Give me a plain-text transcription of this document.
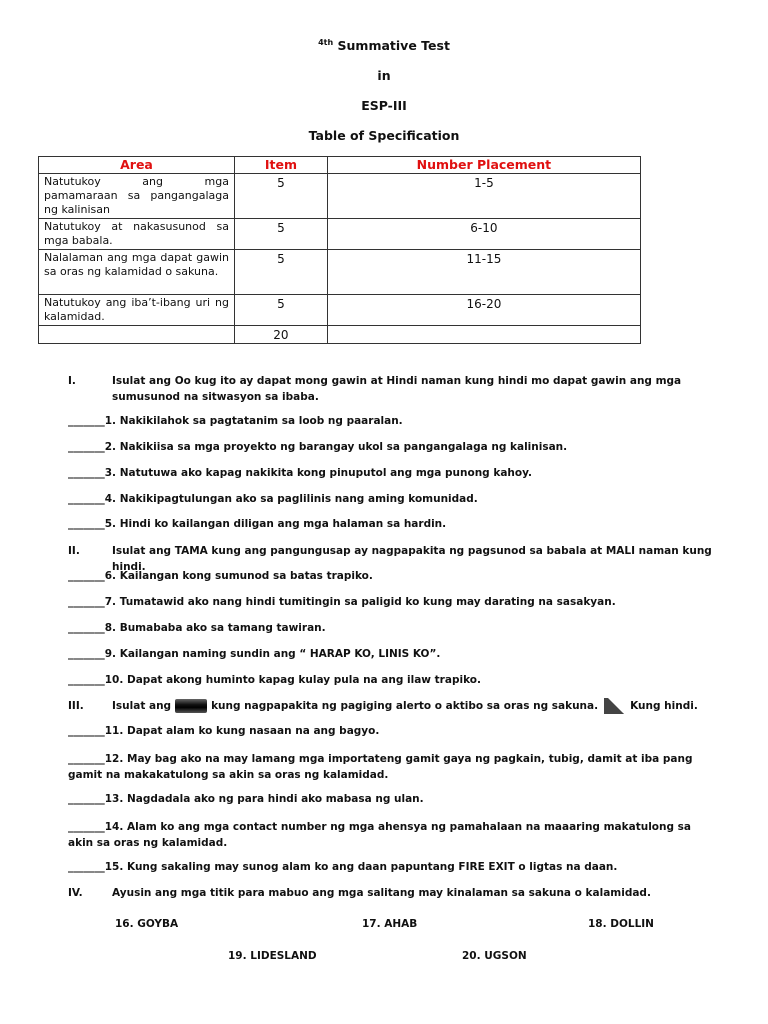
$^{4th}$ Summative Test
in
ESP-III
Table of Specification
Area	Item	Number Placement
Natutukoy ang mga pamamaraan sa pangangalaga ng kalinisan	5	1-5
Natutukoy at nakasusunod sa mga babala.	5	6-10
Nalalaman ang mga dapat gawin sa oras ng kalamidad o sakuna.	5	11-15
Natutukoy ang iba’t-ibang uri ng kalamidad.	5	16-20
	20	
I.	Isulat ang Oo kug ito ay dapat mong gawin at Hindi naman kung hindi mo dapat gawin ang mga sumusunod na sitwasyon sa ibaba.
_______1. Nakikilahok sa pagtatanim sa loob ng paaralan.
_______2. Nakikiisa sa mga proyekto ng barangay ukol sa pangangalaga ng kalinisan.
_______3. Natutuwa ako kapag nakikita kong pinuputol ang mga punong kahoy.
_______4. Nakikipagtulungan ako sa paglilinis nang aming komunidad.
_______5. Hindi ko kailangan diligan ang mga halaman sa hardin.
II.	Isulat ang TAMA kung ang pangungusap ay nagpapakita ng pagsunod sa babala at MALI naman kung hindi.
_______6. Kailangan kong sumunod sa batas trapiko.
_______7. Tumatawid ako nang hindi tumitingin sa paligid ko kung may darating na sasakyan.
_______8. Bumababa ako sa tamang tawiran.
_______9. Kailangan naming sundin ang “ HARAP KO, LINIS KO”.
_______10. Dapat akong huminto kapag kulay pula na ang ilaw trapiko.
III.	Isulat ang	kung nagpapakita ng pagiging alerto o aktibo sa oras ng sakuna.	Kung hindi.
_______11. Dapat alam ko kung nasaan na ang bagyo.
_______12. May bag ako na may lamang mga importateng gamit gaya ng pagkain, tubig, damit at iba pang gamit na makakatulong sa akin sa oras ng kalamidad.
_______13. Nagdadala ako ng para hindi ako mabasa ng ulan.
_______14. Alam ko ang mga contact number ng mga ahensya ng pamahalaan na maaaring makatulong sa akin sa oras ng kalamidad.
_______15. Kung sakaling may sunog alam ko ang daan papuntang FIRE EXIT o ligtas na daan.
IV.	Ayusin ang mga titik para mabuo ang mga salitang may kinalaman sa sakuna o kalamidad.
16. GOYBA	17. AHAB	18. DOLLIN
19. LIDESLAND	20. UGSON
